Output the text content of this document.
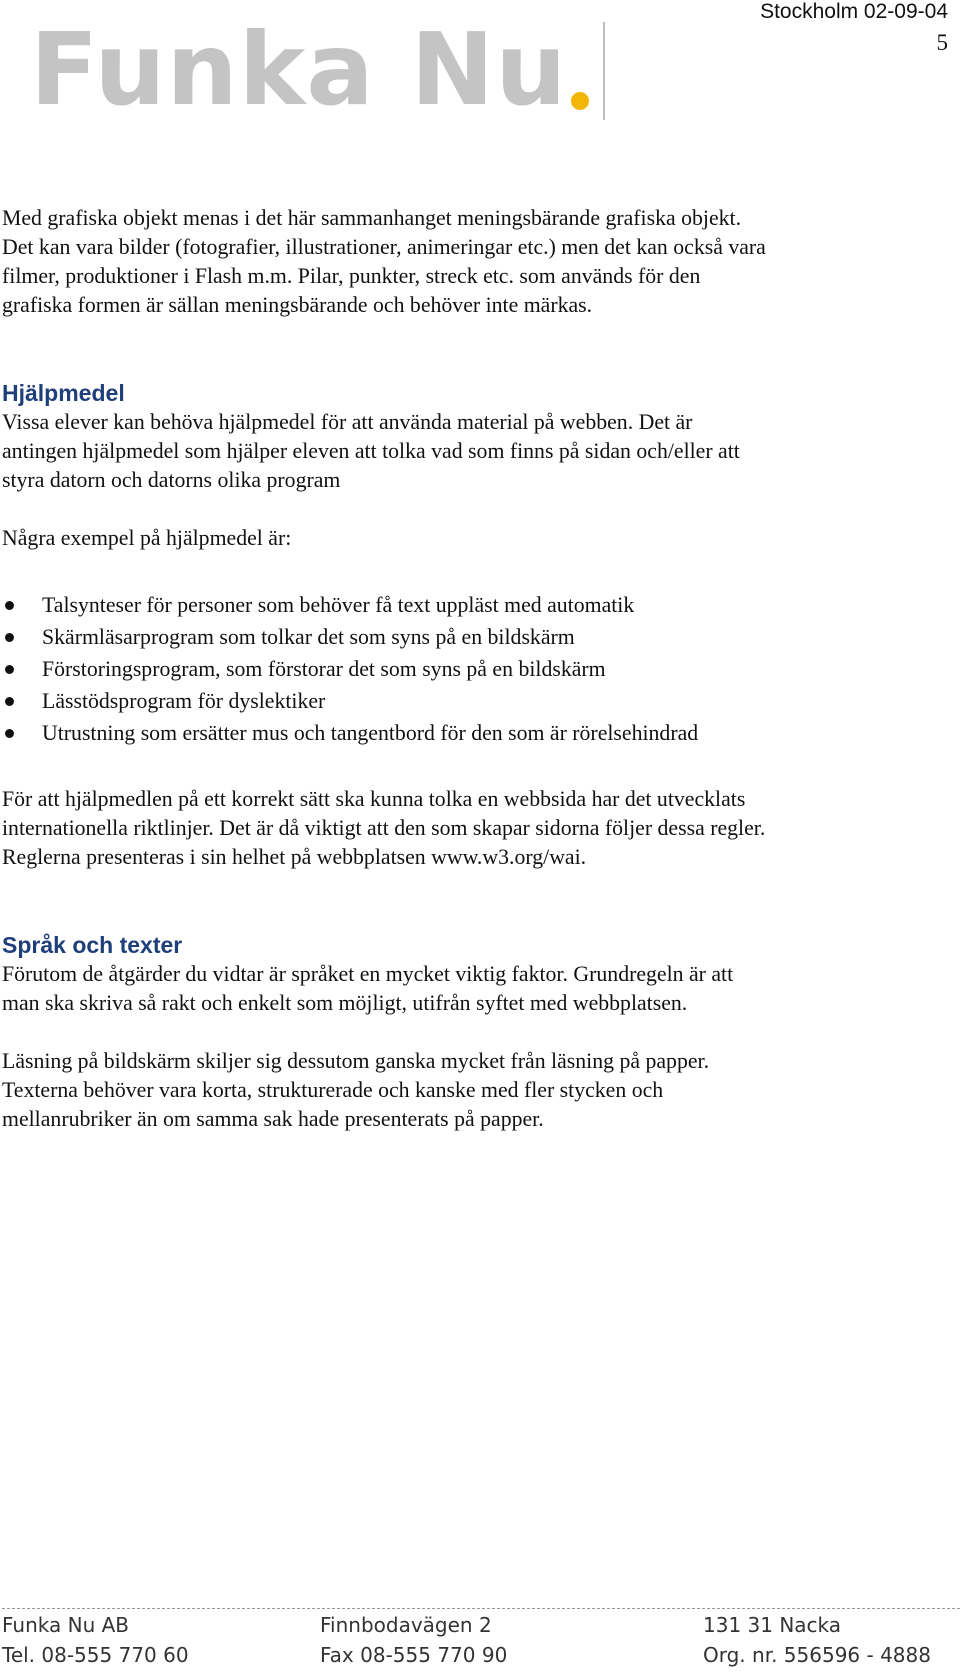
Stockholm 02-09-04
5
Funka Nu

Med grafiska objekt menas i det här sammanhanget meningsbärande grafiska objekt.
Det kan vara bilder (fotografier, illustrationer, animeringar etc.) men det kan också vara
filmer, produktioner i Flash m.m. Pilar, punkter, streck etc. som används för den
grafiska formen är sällan meningsbärande och behöver inte märkas.

Hjälpmedel

Vissa elever kan behöva hjälpmedel för att använda material på webben. Det är
antingen hjälpmedel som hjälper eleven att tolka vad som finns på sidan och/eller att
styra datorn och datorns olika program

Några exempel på hjälpmedel är:

Talsynteser för personer som behöver få text uppläst med automatik
Skärmläsarprogram som tolkar det som syns på en bildskärm
Förstoringsprogram, som förstorar det som syns på en bildskärm
Lässtödsprogram för dyslektiker
Utrustning som ersätter mus och tangentbord för den som är rörelsehindrad

För att hjälpmedlen på ett korrekt sätt ska kunna tolka en webbsida har det utvecklats
internationella riktlinjer. Det är då viktigt att den som skapar sidorna följer dessa regler.
Reglerna presenteras i sin helhet på webbplatsen www.w3.org/wai.

Språk och texter

Förutom de åtgärder du vidtar är språket en mycket viktig faktor. Grundregeln är att
man ska skriva så rakt och enkelt som möjligt, utifrån syftet med webbplatsen.

Läsning på bildskärm skiljer sig dessutom ganska mycket från läsning på papper.
Texterna behöver vara korta, strukturerade och kanske med fler stycken och
mellanrubriker än om samma sak hade presenterats på papper.

Funka Nu AB	Finnbodavägen 2	131 31 Nacka
Tel. 08-555 770 60	Fax 08-555 770 90	Org. nr. 556596 - 4888
